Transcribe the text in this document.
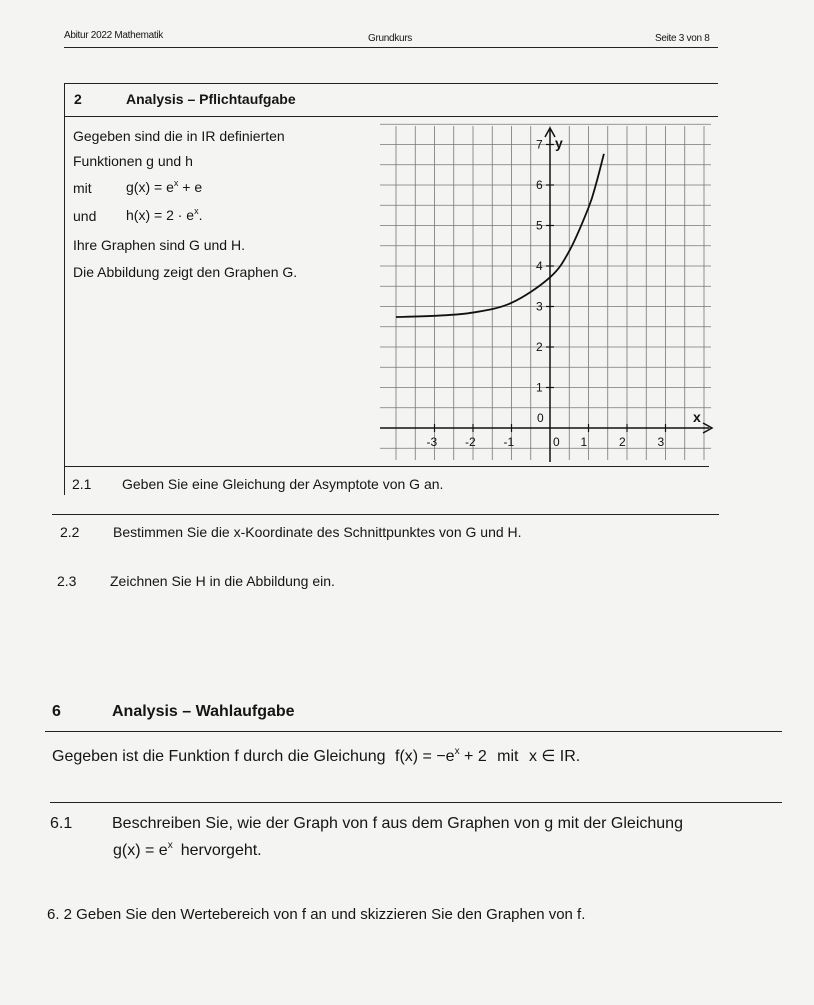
Abitur 2022 Mathematik	Grundkurs	Seite 3 von 8
2	Analysis – Pflichtaufgabe
Gegeben sind die in IR definierten
Funktionen g und h
mit $g(x) = e^x + e$
und $h(x) = 2 \cdot e^x$.
Ihre Graphen sind G und H.
Die Abbildung zeigt den Graphen G.
x
y
-3 -2 -1	1	2	3
0
1
2
3
4
5
6
7
0
2.1 Geben Sie eine Gleichung der Asymptote von G an.
2.2 Bestimmen Sie die x-Koordinate des Schnittpunktes von G und H.
2.3 Zeichnen Sie H in die Abbildung ein.
6	Analysis – Wahlaufgabe
Gegeben ist die Funktion f durch die Gleichung $f(x) = -e^x + 2$ mit x ∈ IR.
6.1 Beschreiben Sie, wie der Graph von f aus dem Graphen von g mit der Gleichung
$g(x) = e^x$ hervorgeht.
6. 2 Geben Sie den Wertebereich von f an und skizzieren Sie den Graphen von f.
